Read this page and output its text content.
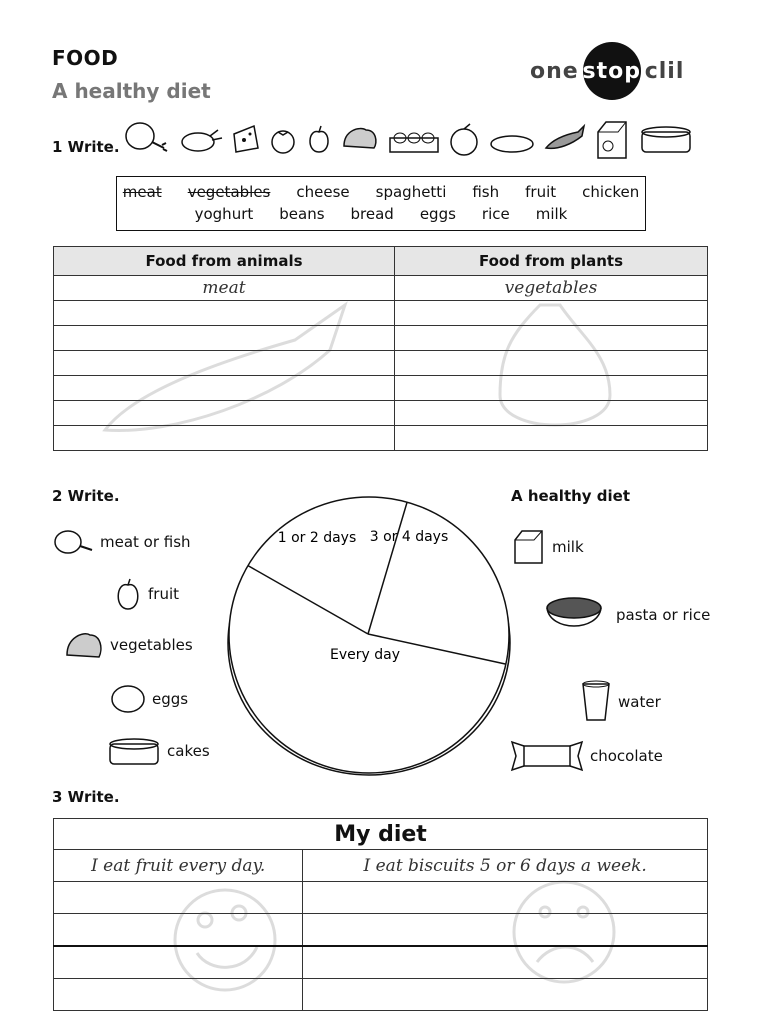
FOOD
A healthy diet
one stop clil
1 Write.
meat vegetables cheese spaghetti fish fruit chicken
yoghurt beans bread eggs rice milk
Food from animals	Food from plants
meat	vegetables

2 Write.	A healthy diet
meat or fish
fruit
vegetables
eggs
cakes
milk
pasta or rice
water
chocolate
1 or 2 days 3 or 4 days
Every day
3 Write.
My diet	
I eat fruit every day.	I eat biscuits 5 or 6 days a week.
